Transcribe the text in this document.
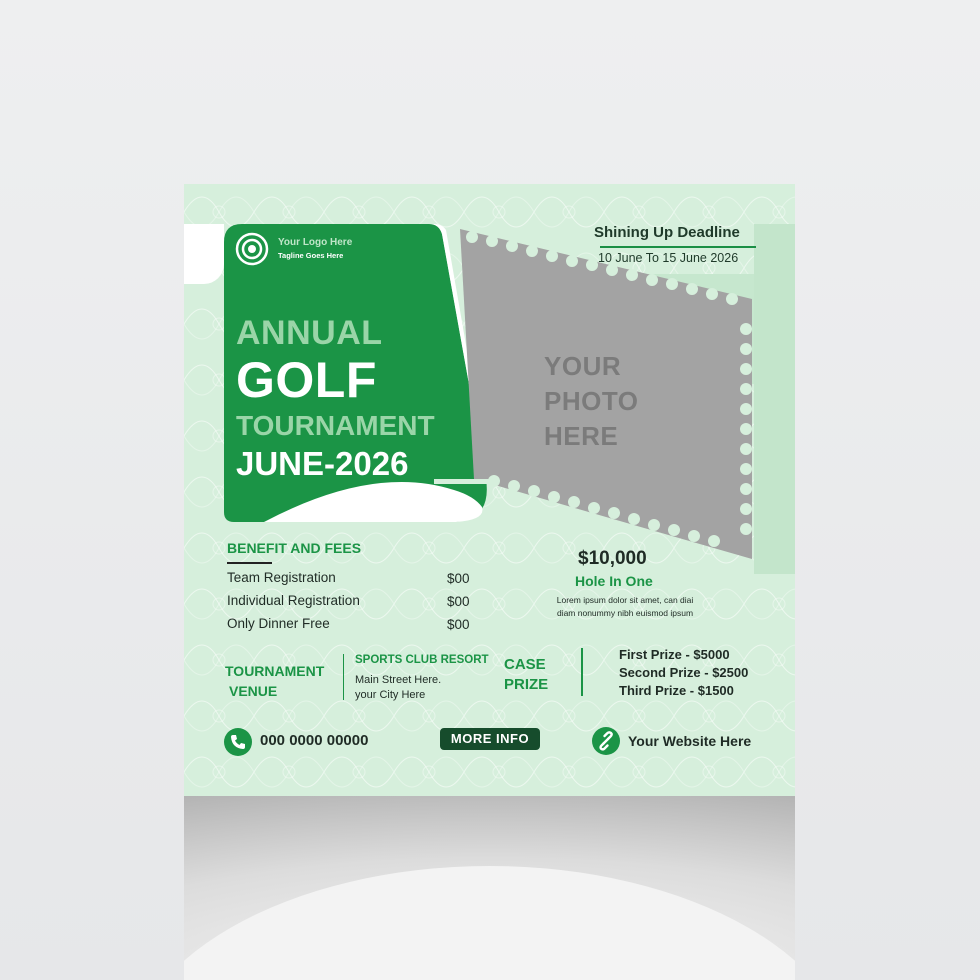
YOUR
PHOTO
HERE
Your Logo Here
Tagline Goes Here
ANNUAL
GOLF
TOURNAMENT
JUNE-2026
Shining Up Deadline
10 June To 15 June 2026
BENEFIT AND FEES
Team Registration	$00
Individual Registration	$00
Only Dinner Free	$00
$10,000
Hole In One
Lorem ipsum dolor sit amet, can diai
diam nonummy nibh euismod ipsum
TOURNAMENT
VENUE
SPORTS CLUB RESORT
Main Street Here.
your City Here
CASE
PRIZE
First Prize - $5000
Second Prize - $2500
Third Prize - $1500
000 0000 00000	MORE INFO	Your Website Here
